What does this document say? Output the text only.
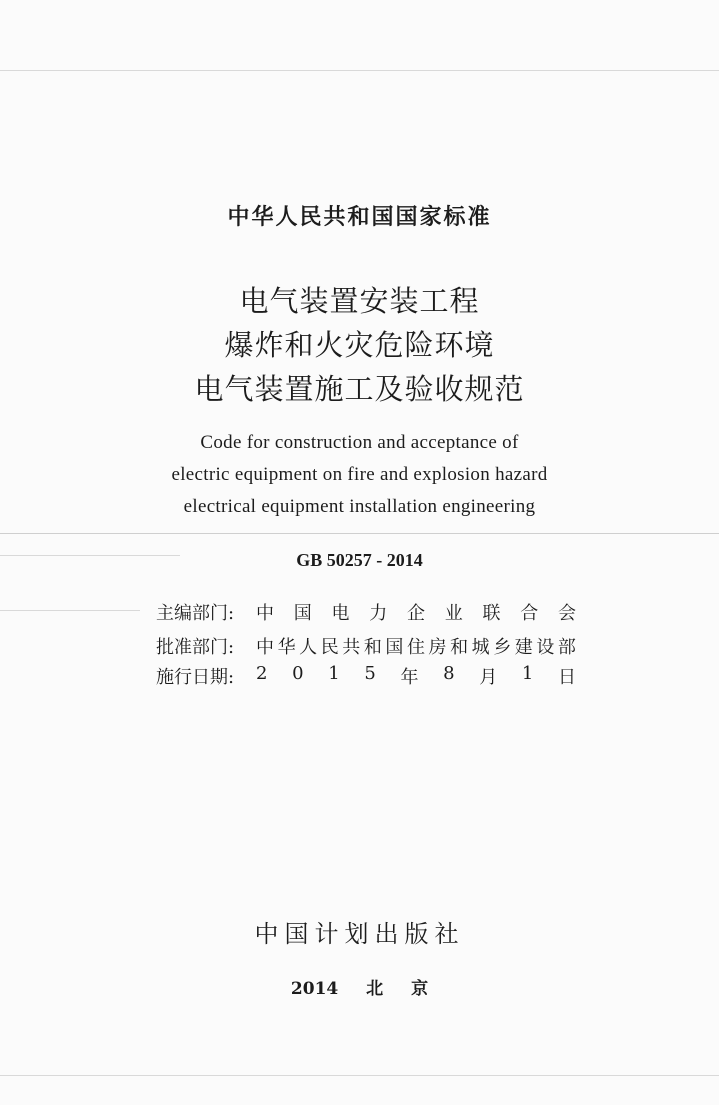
中华人民共和国国家标准
电气装置安装工程
爆炸和火灾危险环境
电气装置施工及验收规范
Code for construction and acceptance of
electric equipment on fire and explosion hazard
electrical equipment installation engineering
GB 50257 - 2014
主编部门:	中 国 电 力 企 业 联 合 会
批准部门:	中 华 人 民 共 和 国 住 房 和 城 乡 建 设 部
施行日期:	2 0 1 5 年 8 月 1 日
中国计划出版社
2014 北 京
